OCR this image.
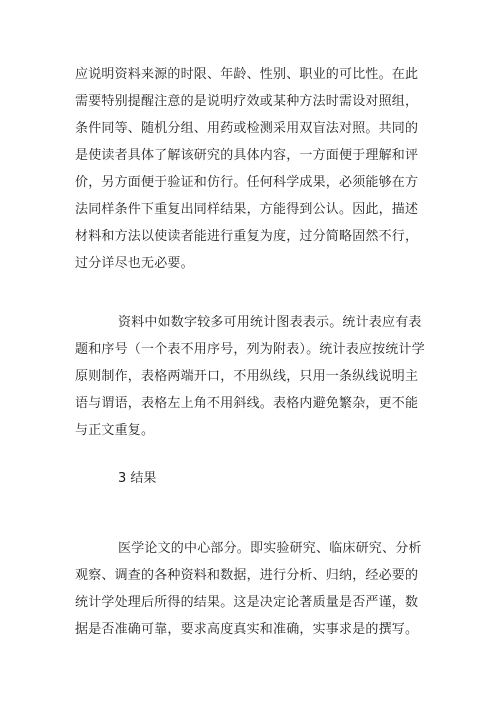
应说明资料来源的时限、年龄、性别、职业的可比性。在此
需要特别提醒注意的是说明疗效或某种方法时需设对照组，
条件同等、随机分组、用药或检测采用双盲法对照。共同的
是使读者具体了解该研究的具体内容，一方面便于理解和评
价，另方面便于验证和仿行。任何科学成果，必须能够在方
法同样条件下重复出同样结果，方能得到公认。因此，描述
材料和方法以使读者能进行重复为度，过分简略固然不行，
过分详尽也无必要。
资料中如数字较多可用统计图表表示。统计表应有表
题和序号（一个表不用序号，列为附表）。统计表应按统计学
原则制作，表格两端开口，不用纵线，只用一条纵线说明主
语与谓语，表格左上角不用斜线。表格内避免繁杂，更不能
与正文重复。
3 结果
医学论文的中心部分。即实验研究、临床研究、分析
观察、调查的各种资料和数据，进行分析、归纳，经必要的
统计学处理后所得的结果。这是决定论著质量是否严谨，数
据是否准确可靠，要求高度真实和准确，实事求是的撰写。
